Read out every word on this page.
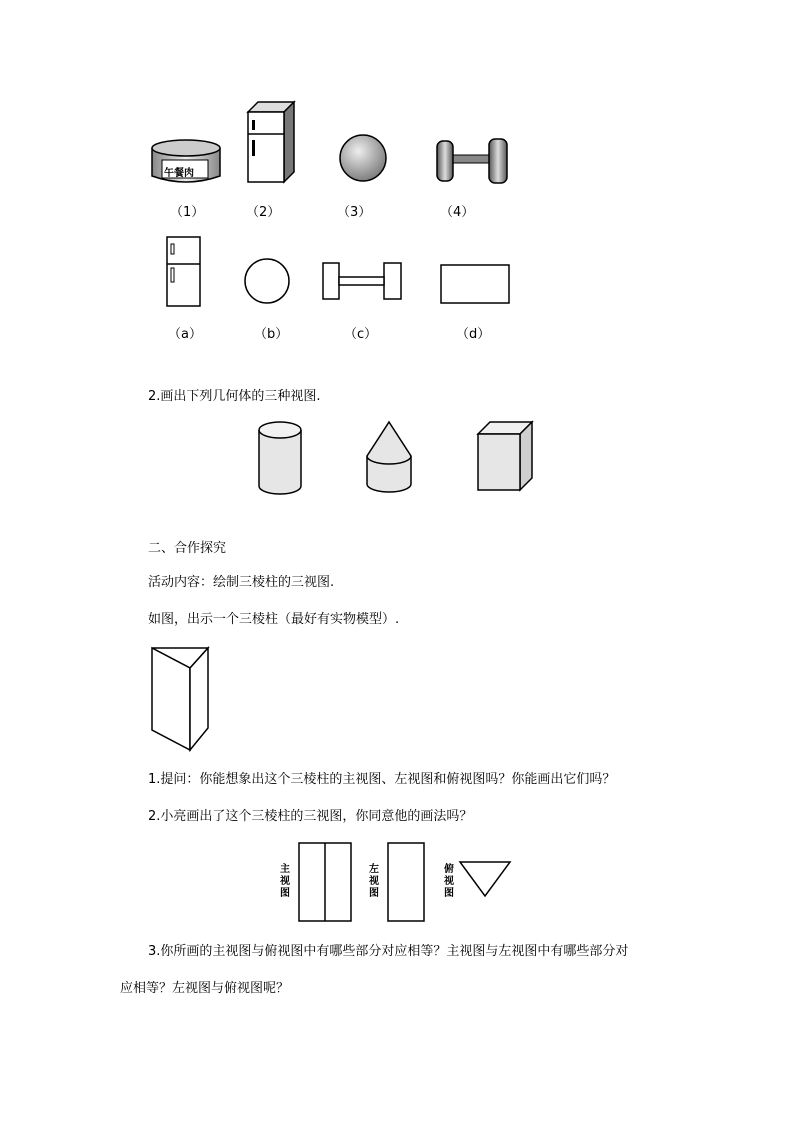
午餐肉
（1）	（2）	（3）	（4）
（a）	（b）	（c）	（d）
2.画出下列几何体的三种视图.
二、合作探究
活动内容：绘制三棱柱的三视图.
如图，出示一个三棱柱（最好有实物模型）.
1.提问：你能想象出这个三棱柱的主视图、左视图和俯视图吗？你能画出它们吗？
2.小亮画出了这个三棱柱的三视图，你同意他的画法吗？
主视图
左视图
俯视图
3.你所画的主视图与俯视图中有哪些部分对应相等？主视图与左视图中有哪些部分对
应相等？左视图与俯视图呢？
